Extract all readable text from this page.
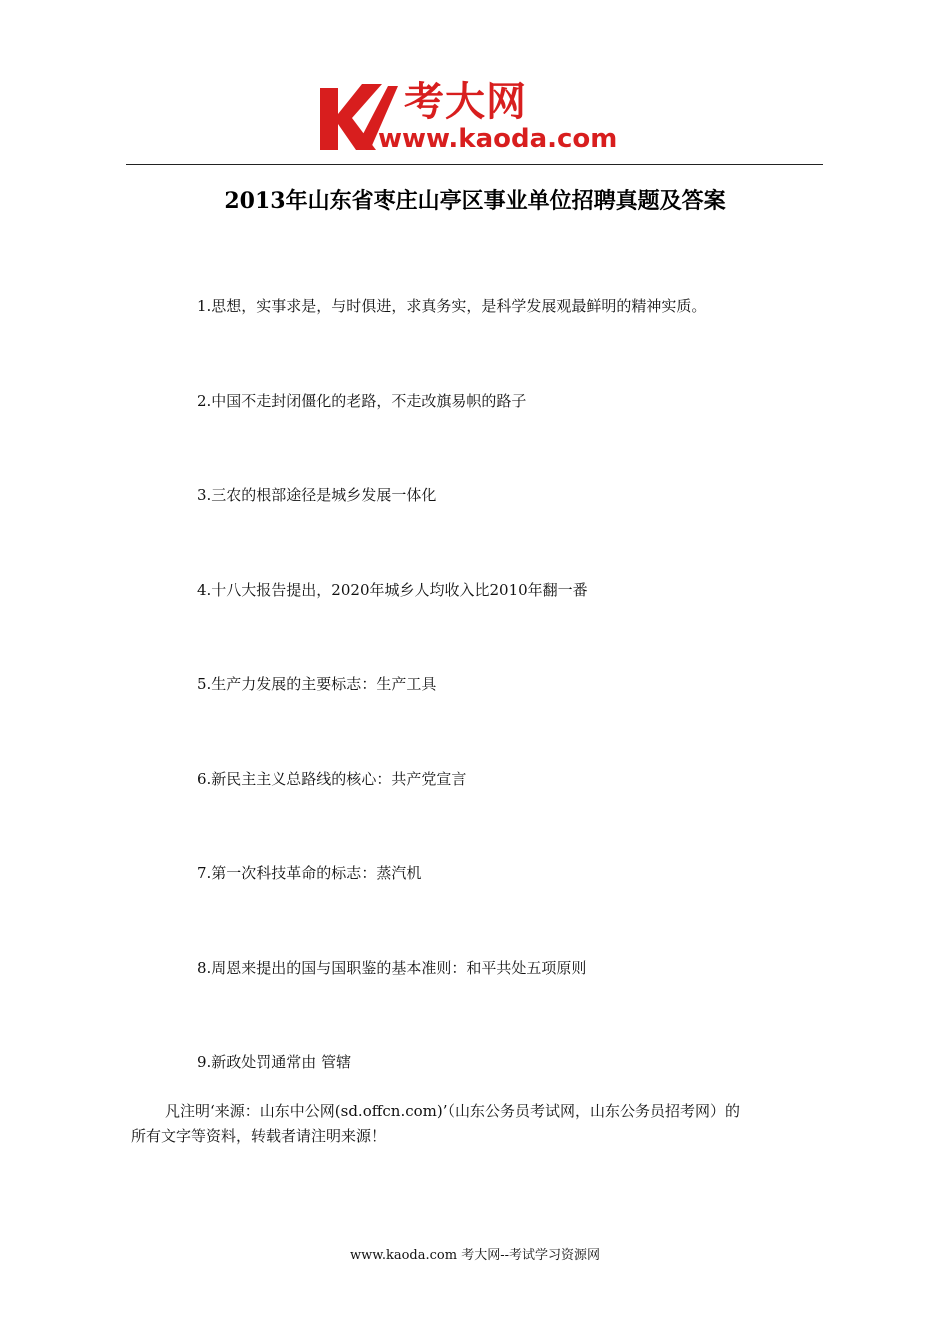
考大网
www.kaoda.com
2013年山东省枣庄山亭区事业单位招聘真题及答案
1.思想，实事求是，与时俱进，求真务实，是科学发展观最鲜明的精神实质。
2.中国不走封闭僵化的老路，不走改旗易帜的路子
3.三农的根部途径是城乡发展一体化
4.十八大报告提出，2020年城乡人均收入比2010年翻一番
5.生产力发展的主要标志：生产工具
6.新民主主义总路线的核心：共产党宣言
7.第一次科技革命的标志：蒸汽机
8.周恩来提出的国与国职鉴的基本准则：和平共处五项原则
9.新政处罚通常由 管辖
凡注明‘来源：山东中公网(sd.offcn.com)’（山东公务员考试网，山东公务员招考网）的
所有文字等资料，转载者请注明来源！
www.kaoda.com 考大网--考试学习资源网
